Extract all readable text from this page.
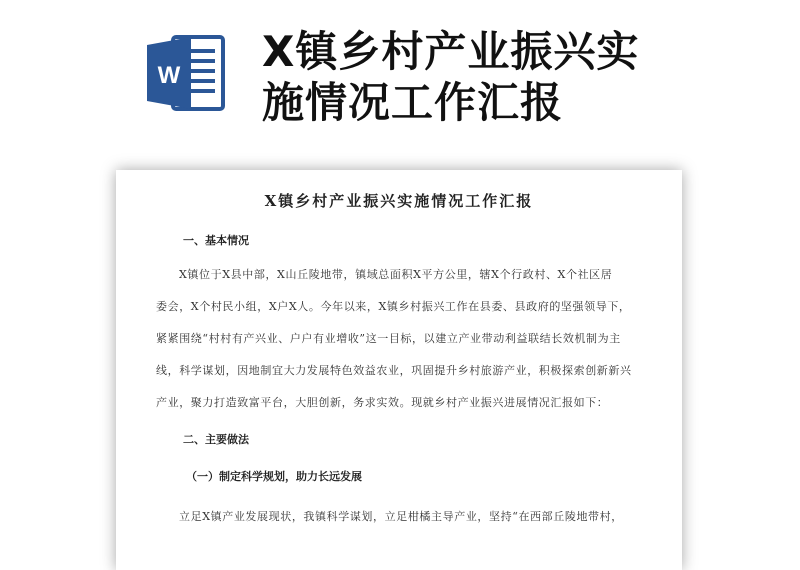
W X镇乡村产业振兴实
施情况工作汇报
X镇乡村产业振兴实施情况工作汇报
一、基本情况
X镇位于X县中部，X山丘陵地带，镇域总面积X平方公里，辖X个行政村、X个社区居
委会，X个村民小组，X户X人。今年以来，X镇乡村振兴工作在县委、县政府的坚强领导下，
紧紧围绕“村村有产兴业、户户有业增收”这一目标，以建立产业带动利益联结长效机制为主
线，科学谋划，因地制宜大力发展特色效益农业，巩固提升乡村旅游产业，积极探索创新新兴
产业，聚力打造致富平台，大胆创新，务求实效。现就乡村产业振兴进展情况汇报如下：
二、主要做法
（一）制定科学规划，助力长远发展
立足X镇产业发展现状，我镇科学谋划，立足柑橘主导产业，坚持“在西部丘陵地带村，
